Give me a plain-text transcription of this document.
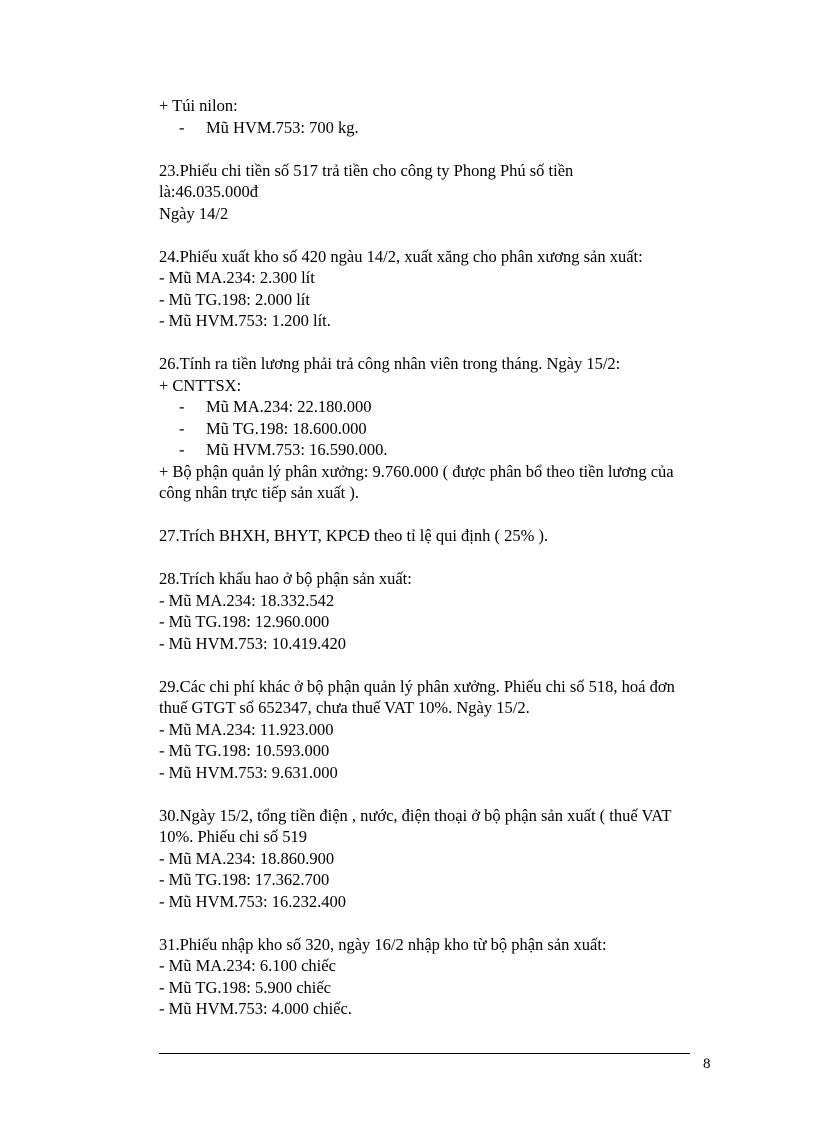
+ Túi nilon:
- Mũ HVM.753: 700 kg.
23.Phiếu chi tiền số 517 trả tiền cho công ty Phong Phú số tiền
là:46.035.000đ
Ngày 14/2
24.Phiếu xuất kho số 420 ngàu 14/2, xuất xăng cho phân xương sản xuất:
- Mũ MA.234: 2.300 lít
- Mũ TG.198: 2.000 lít
- Mũ HVM.753: 1.200 lít.
26.Tính ra tiền lương phải trả công nhân viên trong tháng. Ngày 15/2:
+ CNTTSX:
- Mũ MA.234: 22.180.000
- Mũ TG.198: 18.600.000
- Mũ HVM.753: 16.590.000.
+ Bộ phận quản lý phân xưởng: 9.760.000 ( được phân bổ theo tiền lương của
công nhân trực tiếp sản xuất ).
27.Trích BHXH, BHYT, KPCĐ theo tỉ lệ qui định ( 25% ).
28.Trích khấu hao ở bộ phận sản xuất:
- Mũ MA.234: 18.332.542
- Mũ TG.198: 12.960.000
- Mũ HVM.753: 10.419.420
29.Các chi phí khác ở bộ phận quản lý phân xưởng. Phiếu chi số 518, hoá đơn
thuế GTGT số 652347, chưa thuế VAT 10%. Ngày 15/2.
- Mũ MA.234: 11.923.000
- Mũ TG.198: 10.593.000
- Mũ HVM.753: 9.631.000
30.Ngày 15/2, tổng tiền điện , nước, điện thoại ở bộ phận sản xuất ( thuế VAT
10%. Phiếu chi số 519
- Mũ MA.234: 18.860.900
- Mũ TG.198: 17.362.700
- Mũ HVM.753: 16.232.400
31.Phiếu nhập kho số 320, ngày 16/2 nhập kho từ bộ phận sản xuất:
- Mũ MA.234: 6.100 chiếc
- Mũ TG.198: 5.900 chiếc
- Mũ HVM.753: 4.000 chiếc.
8
